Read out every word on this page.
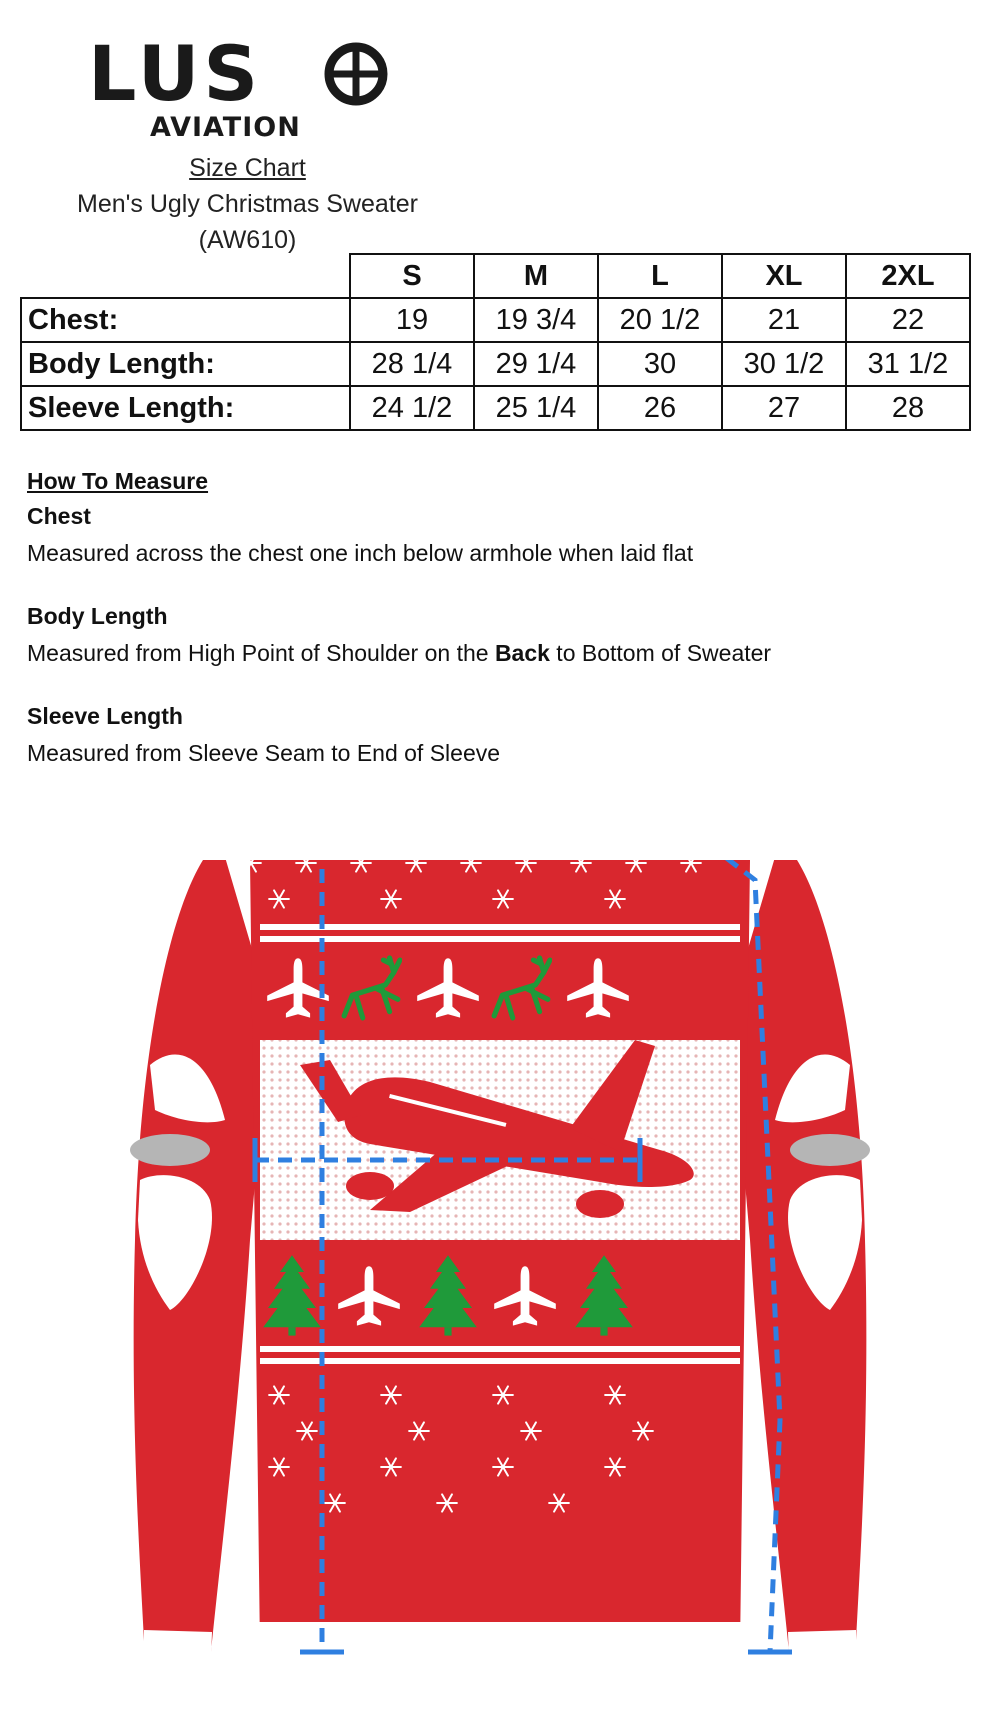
LUS
AVIATION
Size Chart
Men's Ugly Christmas Sweater
(AW610)
	S	M	L	XL	2XL
Chest:	19	19 3/4	20 1/2	21	22
Body Length:	28 1/4	29 1/4	30	30 1/2	31 1/2
Sleeve Length:	24 1/2	25 1/4	26	27	28
How To Measure
Chest
Measured across the chest one inch below armhole when laid flat
Body Length
Measured from High Point of Shoulder on the Back to Bottom of Sweater
Sleeve Length
Measured from Sleeve Seam to End of Sleeve
